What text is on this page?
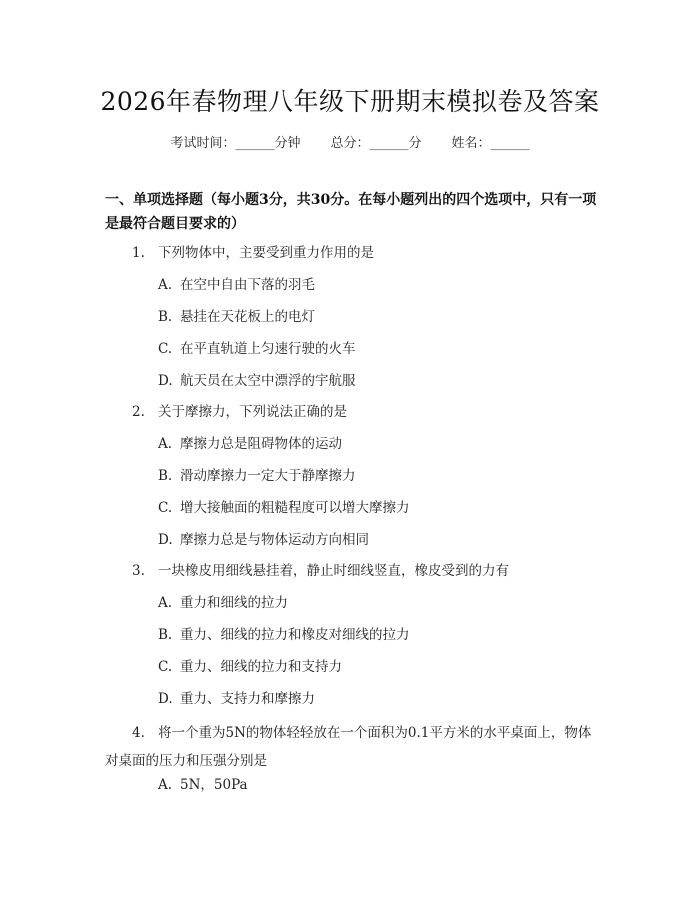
2026年春物理八年级下册期末模拟卷及答案
考试时间：______分钟 总分：______分 姓名：______
一、单项选择题（每小题3分，共30分。在每小题列出的四个选项中，只有一项是最符合题目要求的）
1. 下列物体中，主要受到重力作用的是
A. 在空中自由下落的羽毛
B. 悬挂在天花板上的电灯
C. 在平直轨道上匀速行驶的火车
D. 航天员在太空中漂浮的宇航服
2. 关于摩擦力，下列说法正确的是
A. 摩擦力总是阻碍物体的运动
B. 滑动摩擦力一定大于静摩擦力
C. 增大接触面的粗糙程度可以增大摩擦力
D. 摩擦力总是与物体运动方向相同
3. 一块橡皮用细线悬挂着，静止时细线竖直，橡皮受到的力有
A. 重力和细线的拉力
B. 重力、细线的拉力和橡皮对细线的拉力
C. 重力、细线的拉力和支持力
D. 重力、支持力和摩擦力
4. 将一个重为5N的物体轻轻放在一个面积为0.1平方米的水平桌面上，物体对桌面的压力和压强分别是
A. 5N，50Pa
